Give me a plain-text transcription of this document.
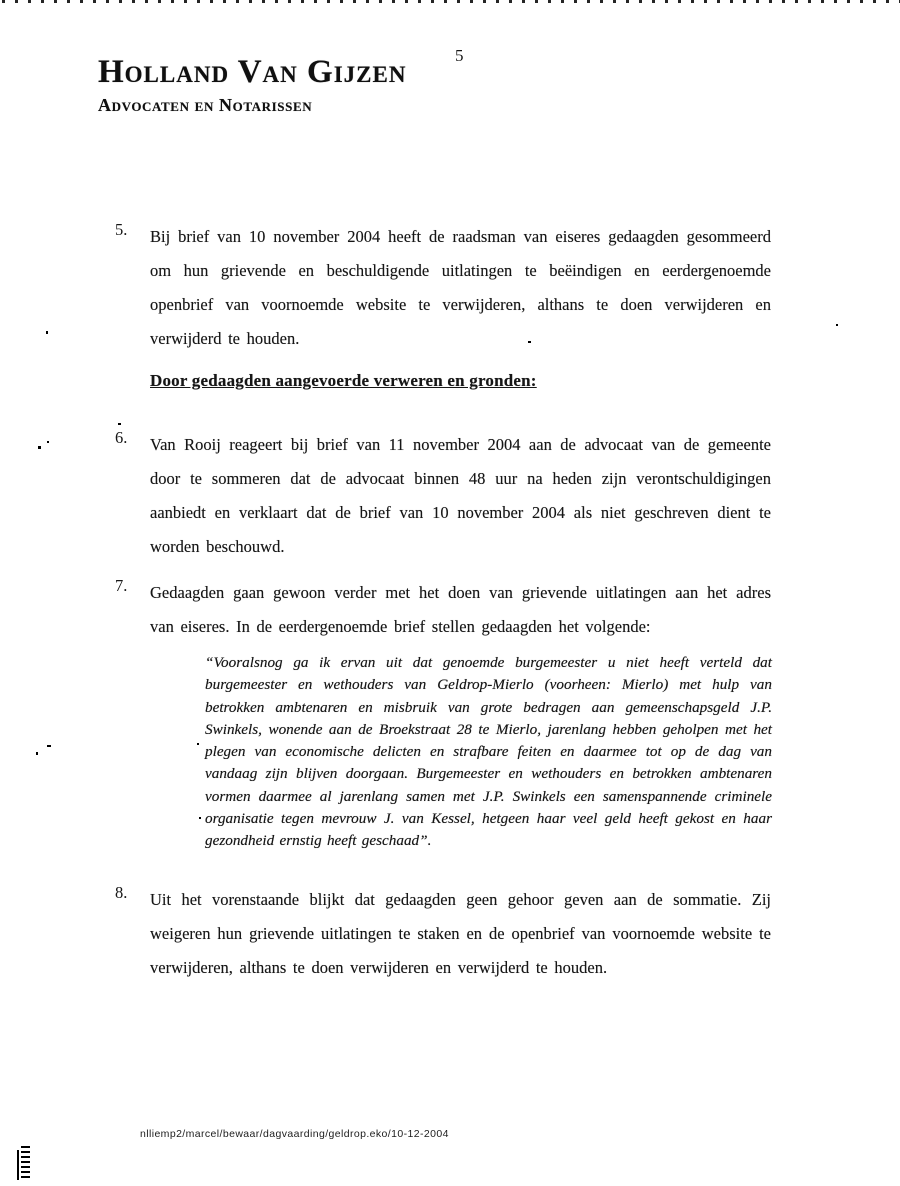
Holland Van Gijzen
Advocaten en Notarissen
5
5. Bij brief van 10 november 2004 heeft de raadsman van eiseres gedaagden gesommeerd om hun grievende en beschuldigende uitlatingen te beëindigen en eerdergenoemde openbrief van voornoemde website te verwijderen, althans te doen verwijderen en verwijderd te houden.
Door gedaagden aangevoerde verweren en gronden:
6. Van Rooij reageert bij brief van 11 november 2004 aan de advocaat van de gemeente door te sommeren dat de advocaat binnen 48 uur na heden zijn verontschuldigingen aanbiedt en verklaart dat de brief van 10 november 2004 als niet geschreven dient te worden beschouwd.
7. Gedaagden gaan gewoon verder met het doen van grievende uitlatingen aan het adres van eiseres. In de eerdergenoemde brief stellen gedaagden het volgende:
“Vooralsnog ga ik ervan uit dat genoemde burgemeester u niet heeft verteld dat burgemeester en wethouders van Geldrop-Mierlo (voorheen: Mierlo) met hulp van betrokken ambtenaren en misbruik van grote bedragen aan gemeenschapsgeld J.P. Swinkels, wonende aan de Broekstraat 28 te Mierlo, jarenlang hebben geholpen met het plegen van economische delicten en strafbare feiten en daarmee tot op de dag van vandaag zijn blijven doorgaan. Burgemeester en wethouders en betrokken ambtenaren vormen daarmee al jarenlang samen met J.P. Swinkels een samenspannende criminele organisatie tegen mevrouw J. van Kessel, hetgeen haar veel geld heeft gekost en haar gezondheid ernstig heeft geschaad”.
8. Uit het vorenstaande blijkt dat gedaagden geen gehoor geven aan de sommatie. Zij weigeren hun grievende uitlatingen te staken en de openbrief van voornoemde website te verwijderen, althans te doen verwijderen en verwijderd te houden.
nlliemp2/marcel/bewaar/dagvaarding/geldrop.eko/10-12-2004
